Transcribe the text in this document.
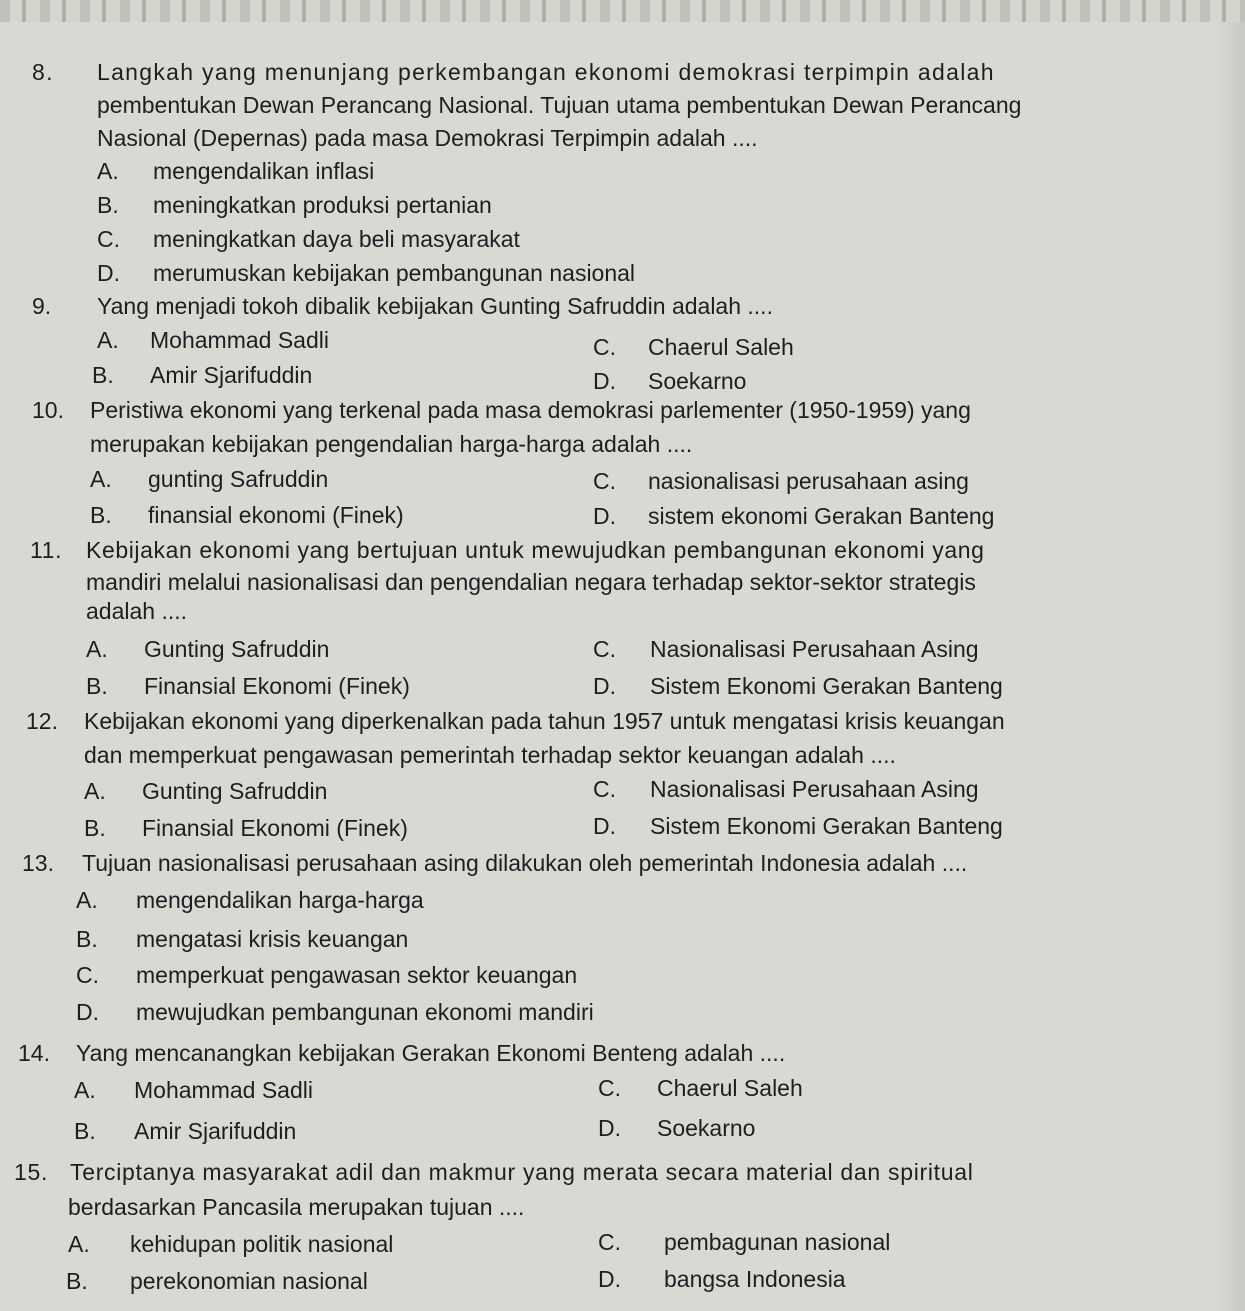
8. Langkah yang menunjang perkembangan ekonomi demokrasi terpimpin adalah
pembentukan Dewan Perancang Nasional. Tujuan utama pembentukan Dewan Perancang
Nasional (Depernas) pada masa Demokrasi Terpimpin adalah ....
A. mengendalikan inflasi
B. meningkatkan produksi pertanian
C. meningkatkan daya beli masyarakat
D. merumuskan kebijakan pembangunan nasional
9. Yang menjadi tokoh dibalik kebijakan Gunting Safruddin adalah ....
A. Mohammad Sadli	C. Chaerul Saleh
B. Amir Sjarifuddin	D. Soekarno
10. Peristiwa ekonomi yang terkenal pada masa demokrasi parlementer (1950-1959) yang
merupakan kebijakan pengendalian harga-harga adalah ....
A. gunting Safruddin	C. nasionalisasi perusahaan asing
B. finansial ekonomi (Finek)	D. sistem ekonomi Gerakan Banteng
11. Kebijakan ekonomi yang bertujuan untuk mewujudkan pembangunan ekonomi yang
mandiri melalui nasionalisasi dan pengendalian negara terhadap sektor-sektor strategis
adalah ....
A. Gunting Safruddin	C. Nasionalisasi Perusahaan Asing
B. Finansial Ekonomi (Finek)	D. Sistem Ekonomi Gerakan Banteng
12. Kebijakan ekonomi yang diperkenalkan pada tahun 1957 untuk mengatasi krisis keuangan
dan memperkuat pengawasan pemerintah terhadap sektor keuangan adalah ....
A. Gunting Safruddin	C. Nasionalisasi Perusahaan Asing
B. Finansial Ekonomi (Finek)	D. Sistem Ekonomi Gerakan Banteng
13. Tujuan nasionalisasi perusahaan asing dilakukan oleh pemerintah Indonesia adalah ....
A. mengendalikan harga-harga
B. mengatasi krisis keuangan
C. memperkuat pengawasan sektor keuangan
D. mewujudkan pembangunan ekonomi mandiri
14. Yang mencanangkan kebijakan Gerakan Ekonomi Benteng adalah ....
A. Mohammad Sadli	C. Chaerul Saleh
B. Amir Sjarifuddin	D. Soekarno
15. Terciptanya masyarakat adil dan makmur yang merata secara material dan spiritual
berdasarkan Pancasila merupakan tujuan ....
A. kehidupan politik nasional	C. pembagunan nasional
B. perekonomian nasional	D. bangsa Indonesia
